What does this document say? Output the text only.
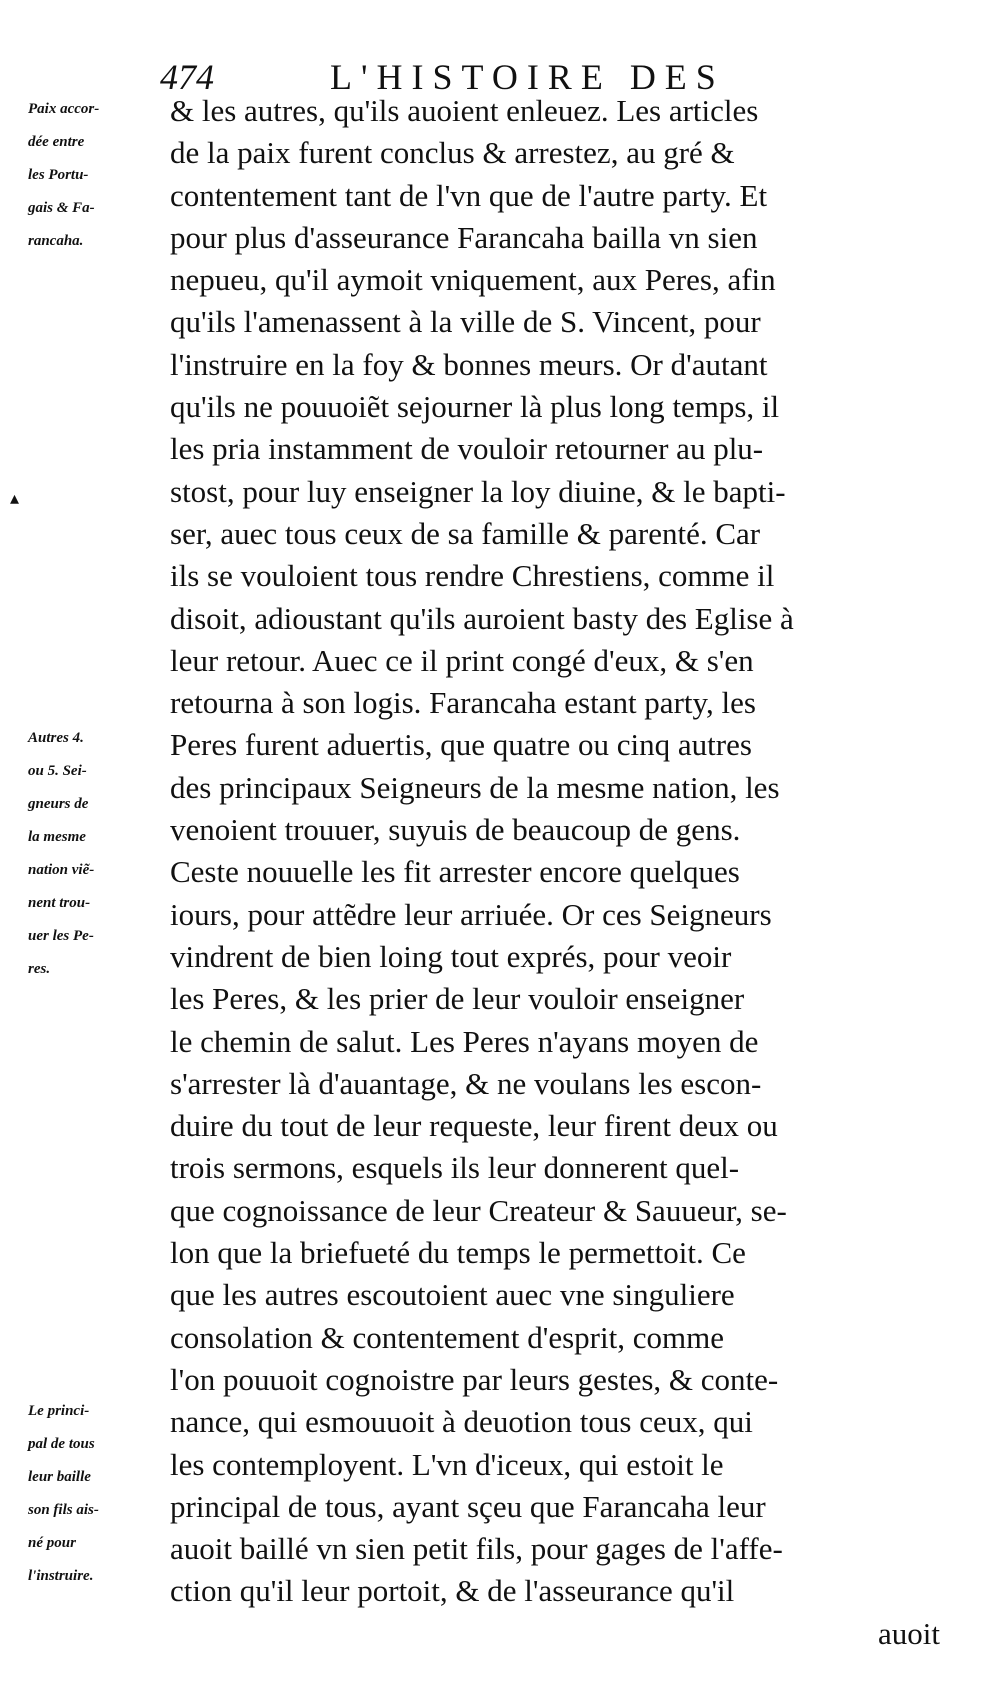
474	L'HISTOIRE DES
Paix accor-
dée entre
les Portu-
gais & Fa-
rancaha.
▴
Autres 4.
ou 5. Sei-
gneurs de
la mesme
nation viẽ-
nent trou-
uer les Pe-
res.
Le princi-
pal de tous
leur baille
son fils ais-
né pour
l'instruire.
& les autres, qu'ils auoient enleuez. Les articles
de la paix furent conclus & arrestez, au gré &
contentement tant de l'vn que de l'autre party. Et
pour plus d'asseurance Farancaha bailla vn sien
nepueu, qu'il aymoit vniquement, aux Peres, afin
qu'ils l'amenassent à la ville de S. Vincent, pour
l'instruire en la foy & bonnes meurs. Or d'autant
qu'ils ne pouuoiẽt sejourner là plus long temps, il
les pria instamment de vouloir retourner au plu-
stost, pour luy enseigner la loy diuine, & le bapti-
ser, auec tous ceux de sa famille & parenté. Car
ils se vouloient tous rendre Chrestiens, comme il
disoit, adioustant qu'ils auroient basty des Eglise à
leur retour. Auec ce il print congé d'eux, & s'en
retourna à son logis. Farancaha estant party, les
Peres furent aduertis, que quatre ou cinq autres
des principaux Seigneurs de la mesme nation, les
venoient trouuer, suyuis de beaucoup de gens.
Ceste nouuelle les fit arrester encore quelques
iours, pour attẽdre leur arriuée. Or ces Seigneurs
vindrent de bien loing tout exprés, pour veoir
les Peres, & les prier de leur vouloir enseigner
le chemin de salut. Les Peres n'ayans moyen de
s'arrester là d'auantage, & ne voulans les escon-
duire du tout de leur requeste, leur firent deux ou
trois sermons, esquels ils leur donnerent quel-
que cognoissance de leur Createur & Sauueur, se-
lon que la briefueté du temps le permettoit. Ce
que les autres escoutoient auec vne singuliere
consolation & contentement d'esprit, comme
l'on pouuoit cognoistre par leurs gestes, & conte-
nance, qui esmouuoit à deuotion tous ceux, qui
les contemployent. L'vn d'iceux, qui estoit le
principal de tous, ayant sçeu que Farancaha leur
auoit baillé vn sien petit fils, pour gages de l'affe-
ction qu'il leur portoit, & de l'asseurance qu'il
auoit
